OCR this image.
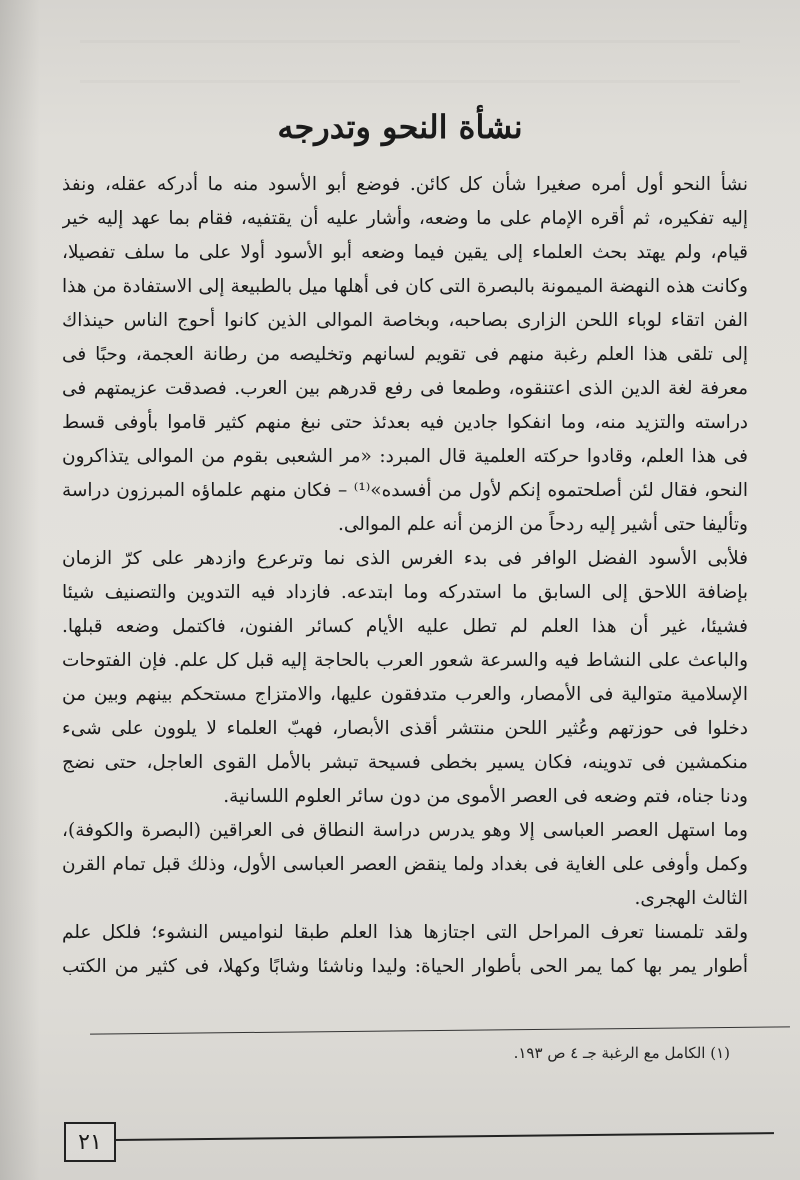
نشأة النحو وتدرجه

نشأ النحو أول أمره صغيرا شأن كل كائن. فوضع أبو الأسود منه ما أدركه عقله، ونفذ

إليه تفكيره، ثم أقره الإمام على ما وضعه، وأشار عليه أن يقتفيه، فقام بما عهد إليه خير

قيام، ولم يهتد بحث العلماء إلى يقين فيما وضعه أبو الأسود أولا على ما سلف تفصيلا،

وكانت هذه النهضة الميمونة بالبصرة التى كان فى أهلها ميل بالطبيعة إلى الاستفادة من هذا

الفن اتقاء لوباء اللحن الزارى بصاحبه، وبخاصة الموالى الذين كانوا أحوج الناس حينذاك

إلى تلقى هذا العلم رغبة منهم فى تقويم لسانهم وتخليصه من رطانة العجمة، وحبًا فى

معرفة لغة الدين الذى اعتنقوه، وطمعا فى رفع قدرهم بين العرب. فصدقت عزيمتهم فى

دراسته والتزيد منه، وما انفكوا جادين فيه بعدئذ حتى نبغ منهم كثير قاموا بأوفى قسط

فى هذا العلم، وقادوا حركته العلمية قال المبرد: «مر الشعبى بقوم من الموالى يتذاكرون

النحو، فقال لئن أصلحتموه إنكم لأول من أفسده»⁽¹⁾ – فكان منهم علماؤه المبرزون دراسة

وتأليفا حتى أشير إليه ردحاً من الزمن أنه علم الموالى.

فلأبى الأسود الفضل الوافر فى بدء الغرس الذى نما وترعرع وازدهر على كرّ الزمان

بإضافة اللاحق إلى السابق ما استدركه وما ابتدعه. فازداد فيه التدوين والتصنيف شيئا

فشيئا، غير أن هذا العلم لم تطل عليه الأيام كسائر الفنون، فاكتمل وضعه قبلها.

والباعث على النشاط فيه والسرعة شعور العرب بالحاجة إليه قبل كل علم. فإن الفتوحات

الإسلامية متوالية فى الأمصار، والعرب متدفقون عليها، والامتزاج مستحكم بينهم وبين من

دخلوا فى حوزتهم وعُثير اللحن منتشر أقذى الأبصار، فهبّ العلماء لا يلوون على شىء

منكمشين فى تدوينه، فكان يسير بخطى فسيحة تبشر بالأمل القوى العاجل، حتى نضج

ودنا جناه، فتم وضعه فى العصر الأموى من دون سائر العلوم اللسانية.

وما استهل العصر العباسى إلا وهو يدرس دراسة النطاق فى العراقين (البصرة والكوفة)،

وكمل وأوفى على الغاية فى بغداد ولما ينقض العصر العباسى الأول، وذلك قبل تمام القرن

الثالث الهجرى.

ولقد تلمسنا تعرف المراحل التى اجتازها هذا العلم طبقا لنواميس النشوء؛ فلكل علم

أطوار يمر بها كما يمر الحى بأطوار الحياة: وليدا وناشئا وشابًا وكهلا، فى كثير من الكتب

(١) الكامل مع الرغبة جـ ٤ ص ١٩٣.

٢١
